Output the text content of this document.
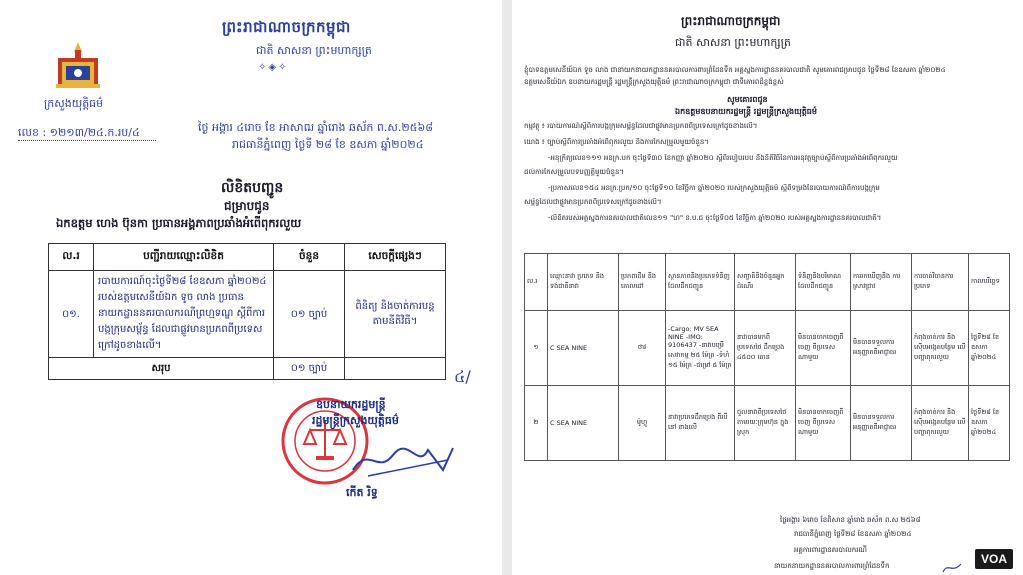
ក្រសួងយុត្តិធម៌
ព្រះរាជាណាចក្រកម្ពុជា
ជាតិ សាសនា ព្រះមហាក្សត្រ
✧◈✧
លេខ : ១២១៣/២៤.ក.រប/៤	ថ្ងៃ អង្គារ ៤រោច ខែ អាសាឍ ឆ្នាំរោង ឆស័ក ព.ស.២៥៦៨
រាជធានីភ្នំពេញ ថ្ងៃទី ២៨ ខែ ឧសភា ឆ្នាំ២០២៤
លិខិតបញ្ជូន
ជម្រាបជូន
ឯកឧត្តម ហេង ប៊ុនកា ប្រធានអង្គភាពប្រឆាំងអំពើពុករលួយ
ល.រ	បញ្ជីរាយឈ្មោះលិខិត	ចំនួន	សេចក្តីផ្សេងៗ
០១.	របាយការណ៍ចុះថ្ងៃទី២៨ ខែឧសភា ឆ្នាំ២០២៤ របស់ឧត្តមសេនីយ៍ឯក ទូច លាង ប្រធាននាយកដ្ឋាននគរបាលករណីព្រហ្មទណ្ឌ ស្តីពីការបង្កក្រុមសម្ព័ន្ធ ដែលជាផ្លូវមានប្រភពពីប្រទេសក្រៅដូចខាងលើ។	០១ ច្បាប់	ពិនិត្យ និងចាត់ការបន្ត តាមនីតិវិធី។
សរុប		០១ ច្បាប់		៤/
ឧបនាយករដ្ឋមន្ត្រី
រដ្ឋមន្ត្រីក្រសួងយុត្តិធម៌
កើត រិទ្ធ
ព្រះរាជាណាចក្រកម្ពុជា
ជាតិ សាសនា ព្រះមហាក្សត្រ
ខ្ញុំបាទឧត្តមសេនីយ៍ឯក ទូច លាង ជានាយកនាយកដ្ឋាននគរបាលការពារព្រំដែនទឹក អគ្គស្នងការដ្ឋាននគរបាលជាតិ សូមគោរពជម្រាបជូន ថ្ងៃទី២៨ ខែឧសភា ឆ្នាំ២០២៤
ឧត្តមសេនីយ៍ឯក ឧបនាយករដ្ឋមន្ត្រី រដ្ឋមន្ត្រីក្រសួងយុត្តិធម៌ ព្រះរាជាណាចក្រកម្ពុជា ជាទីគោរពដ៏ខ្ពង់ខ្ពស់
សូមគោរពជូន
ឯកឧត្តមឧបនាយករដ្ឋមន្ត្រី រដ្ឋមន្ត្រីក្រសួងយុត្តិធម៌
កម្មវត្ថុ ៖ របាយការណ៍ស្តីពីការបង្កក្រុមសម្ព័ន្ធដែលជាផ្លូវមានប្រភពពីប្រទេសក្រៅដូចខាងលើ។
យោង ៖ ច្បាប់ស្តីពីការប្រឆាំងអំពើពុករលួយ និងការកែសម្រួលមួយចំនួន។
-អនុក្រឹត្យលេខ១១១ អនក្រ.បក ចុះថ្ងៃទី៣០ ខែកញ្ញា ឆ្នាំ២០២០ ស្តីពីរបៀបរបប និងនីតិវិធីនៃការអនុវត្តច្បាប់ស្តីពីការប្រឆាំងអំពើពុករលួយ
ដល់ការកែសម្រួលបទបញ្ញត្តិមួយចំនួន។
-ប្រកាសលេខ១៥៤ អនក្រ.ប្រក/១០ ចុះថ្ងៃទី១០ ខែវិច្ឆិកា ឆ្នាំ២០២០ របស់ក្រសួងយុត្តិធម៌ ស្តីពីទម្រង់នៃរបាយការណ៍ពីការបង្កក្រុម
សម្ព័ន្ធដែលជាផ្លូវមានប្រភពពីប្រទេសក្រៅដូចខាងលើ។
-លិខិតរបស់អគ្គស្នងការនគរបាលជាតិលេខ១១ "ហ" ន.ប.ជ ចុះថ្ងៃទី០៥ ខែវិច្ឆិកា ឆ្នាំ២០២០ របស់អគ្គស្នងការដ្ឋាននគរបាលជាតិ។
ល.រ	ឈ្មោះនាវា ប្រភេទ និងទង់ជាតិនាវា	ប្រភពដើម និងគោលដៅ	ស្ថានភាពនិងប្រភេទទំនិញ ដែលដឹកជញ្ជូន	សញ្ជាតិនិងចំនួនអ្នក ដំណើរ	ទំនិញនិងបរិមាណ ដែលដឹកជញ្ជូន	ការរកឃើញនិង ការស្រាវជ្រាវ	ការចាត់វិធានការ ប្រភេទ	កាលបរិច្ឆេទ
១	C SEA NINE	ថាវ	-Cargo: MV SEA NINE -IMO: 9106437 -នាវាបម្រើសេវាកម្ម ២៥ ម៉ែត្រ -ទំហំ ១៥ ម៉ែត្រ -ជម្រៅ ៥ ម៉ែត្រ	នាវាបានមកពីប្រទេសថៃ ដឹកប្រេង ៤៥០០ តោន	មិនបានចាកចេញពីចេញ ពីប្រទេសណាមួយ	មិនបានទទួលការអនុញ្ញាតពីអាជ្ញាធរ	កំពុងចាត់ការ និងស៊ើបអង្កេតបន្ថែម លើបញ្ហាពុករលួយ	ថ្ងៃទី២៨ ខែឧសភា ឆ្នាំ២០២៤
២	C SEA NINE	ម៉ូហ្គូ	នាវាប្រភេទដឹកប្រេង ពីរបីនៅ ខាងលើ	ជួលនាវាពីប្រទេសថៃ តាមរយៈក្រុមហ៊ុន ក្នុងស្រុក	មិនបានចាកចេញពីចេញ ពីប្រទេសណាមួយ	មិនបានទទួលការអនុញ្ញាតពីអាជ្ញាធរ	កំពុងចាត់ការ និងស៊ើបអង្កេតបន្ថែម លើបញ្ហាពុករលួយ	ថ្ងៃទី២៨ ខែឧសភា ឆ្នាំ២០២៤
ថ្ងៃអង្គារ ៦រោច ខែពិសាខ ឆ្នាំរោង ឆស័ក ព.ស ២៥៦៨
រាជធានីភ្នំពេញ ថ្ងៃទី២៨ ខែឧសភា ឆ្នាំ២០២៤
អគ្គការពារដ្ឋានគរបាលករណី
នាយកនាយកដ្ឋាននគរបាលការពារព្រំដែនទឹក	VOA
